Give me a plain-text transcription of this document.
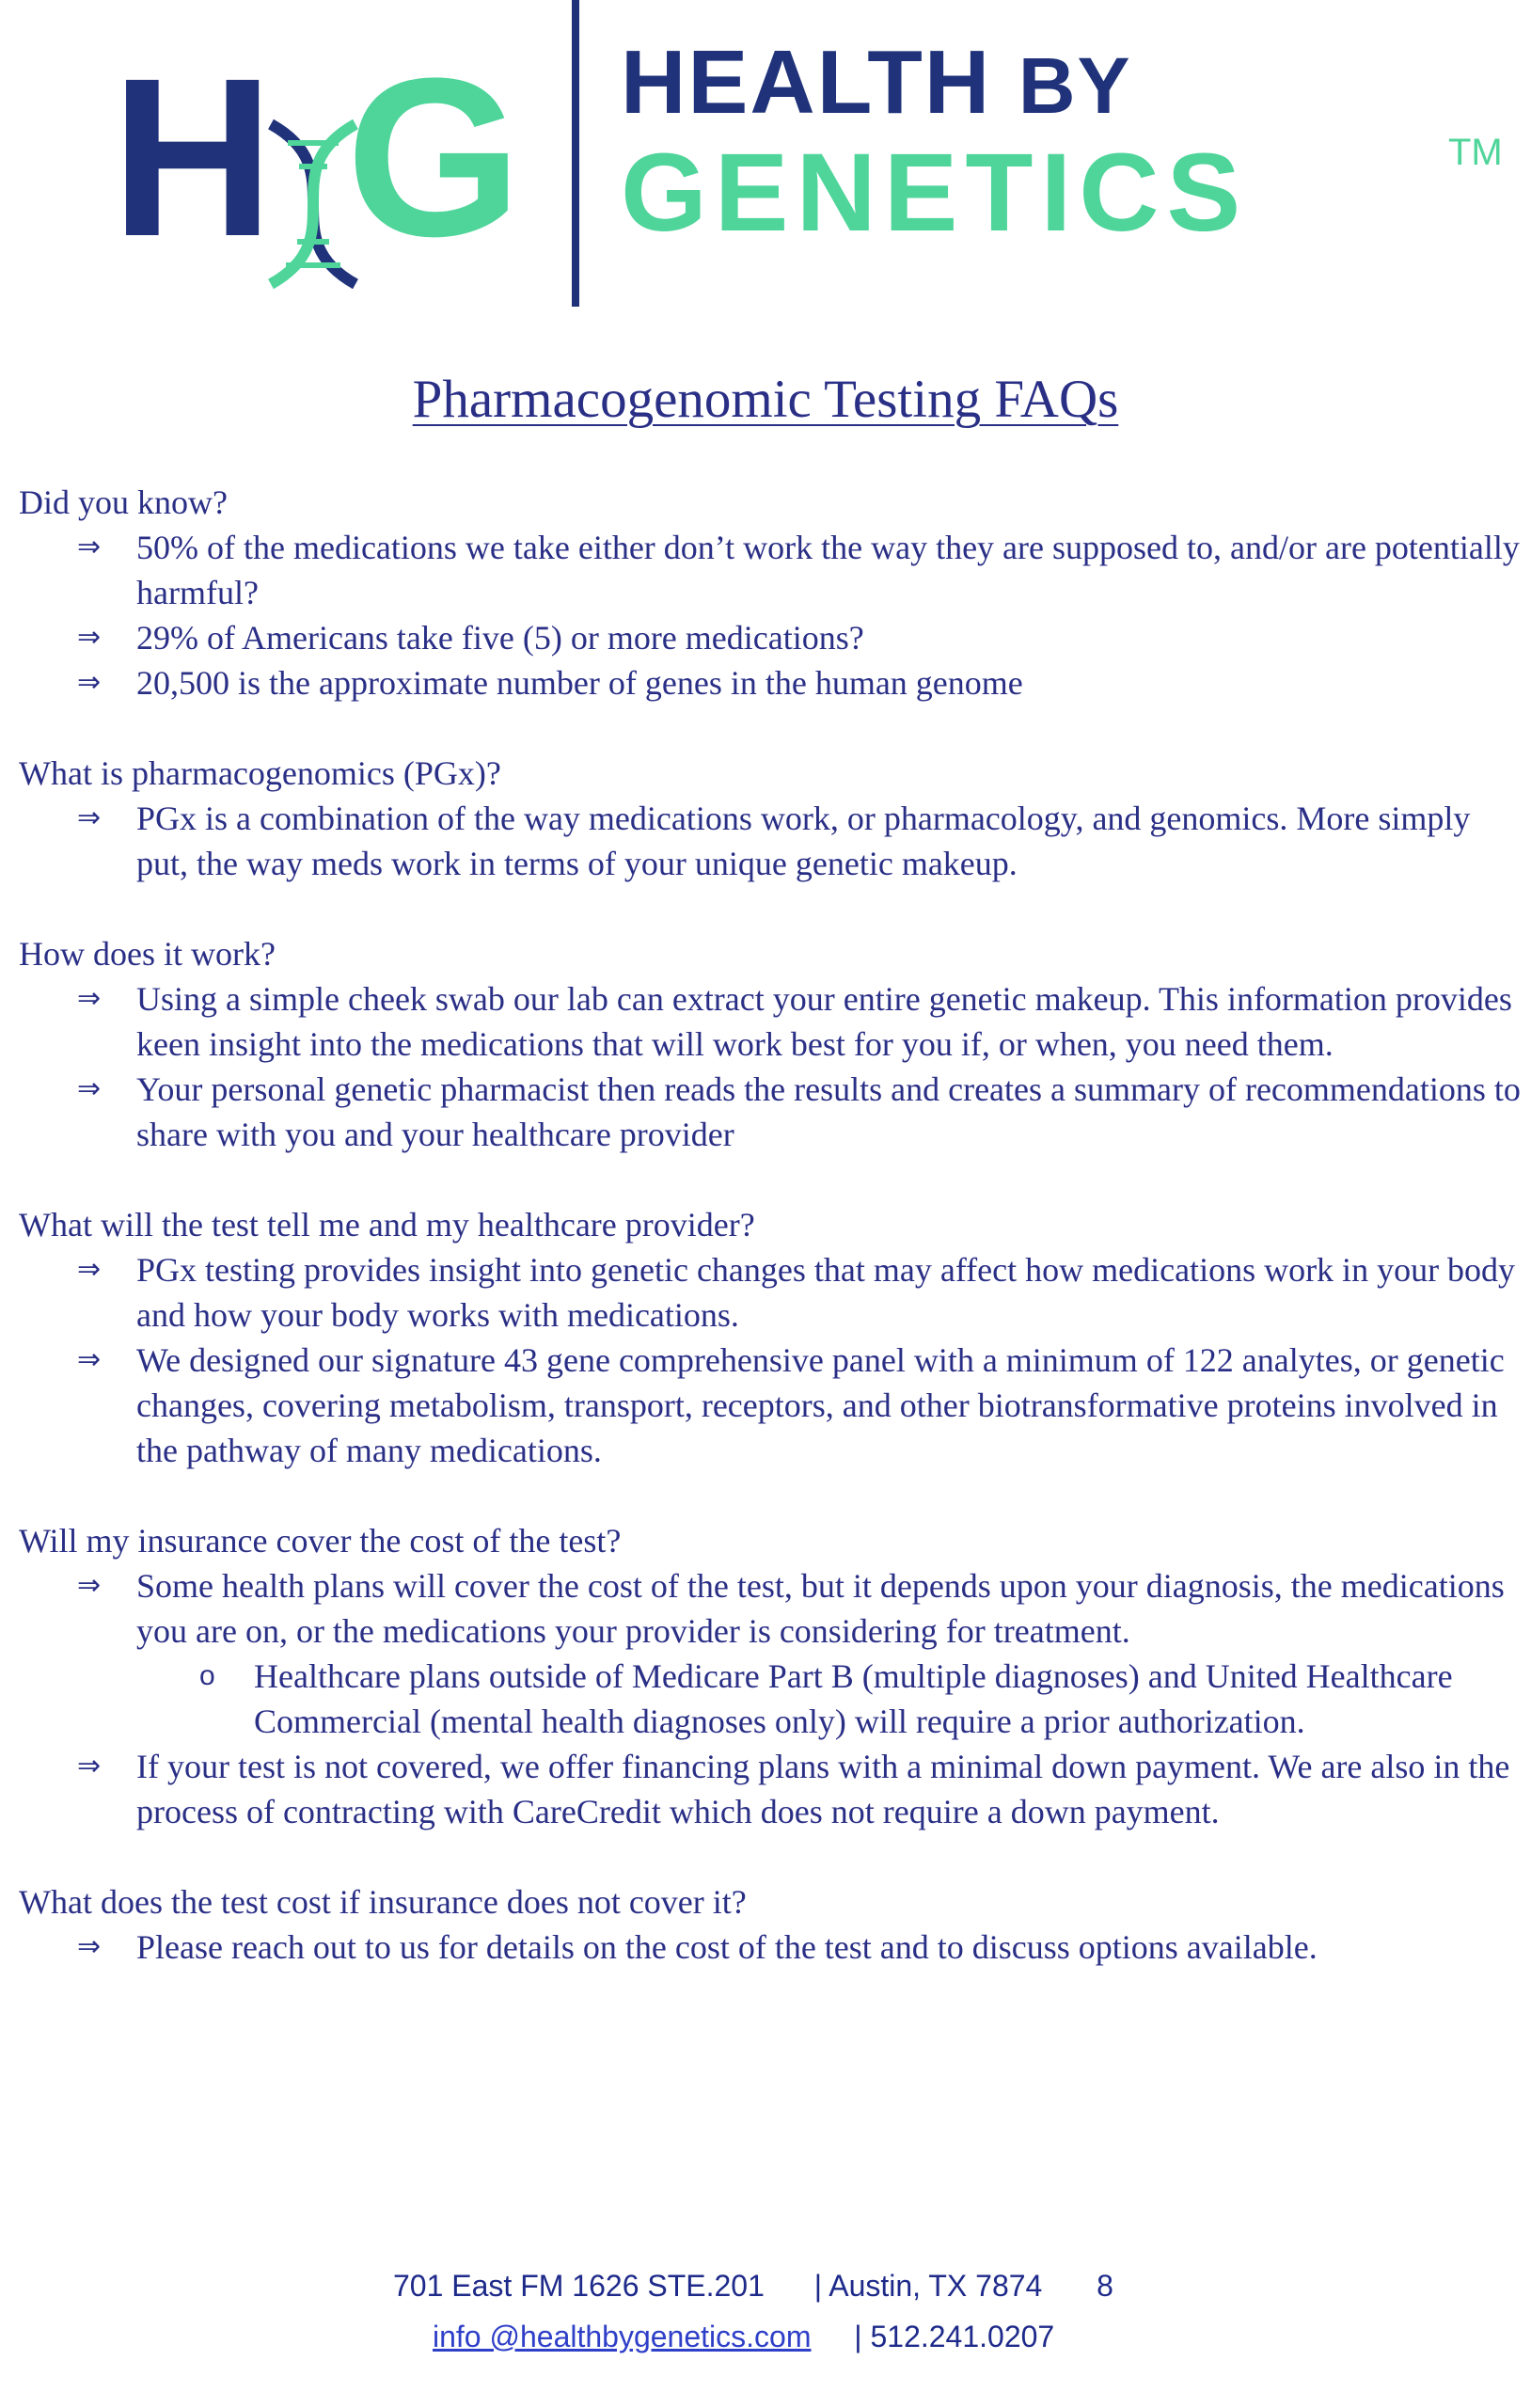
H G HEALTH BY
GENETICS	TM
Pharmacogenomic Testing FAQs

Did you know?

⇒ 50% of the medications we take either don’t work the way they are supposed to, and/or are potentially harmful?
⇒ 29% of Americans take five (5) or more medications?
⇒ 20,500 is the approximate number of genes in the human genome

What is pharmacogenomics (PGx)?

⇒ PGx is a combination of the way medications work, or pharmacology, and genomics. More simply put, the way meds work in terms of your unique genetic makeup.

How does it work?

⇒ Using a simple cheek swab our lab can extract your entire genetic makeup. This information provides keen insight into the medications that will work best for you if, or when, you need them.
⇒ Your personal genetic pharmacist then reads the results and creates a summary of recommendations to share with you and your healthcare provider

What will the test tell me and my healthcare provider?

⇒ PGx testing provides insight into genetic changes that may affect how medications work in your body and how your body works with medications.
⇒ We designed our signature 43 gene comprehensive panel with a minimum of 122 analytes, or genetic changes, covering metabolism, transport, receptors, and other biotransformative proteins involved in the pathway of many medications.

Will my insurance cover the cost of the test?

⇒ Some health plans will cover the cost of the test, but it depends upon your diagnosis, the medications you are on, or the medications your provider is considering for treatment.
o Healthcare plans outside of Medicare Part B (multiple diagnoses) and United Healthcare Commercial (mental health diagnoses only) will require a prior authorization.
⇒ If your test is not covered, we offer financing plans with a minimal down payment. We are also in the process of contracting with CareCredit which does not require a down payment.

What does the test cost if insurance does not cover it?

⇒ Please reach out to us for details on the cost of the test and to discuss options available.
701 East FM 1626 STE.201 | Austin, TX 7874 8
info @healthbygenetics.com | 512.241.0207
